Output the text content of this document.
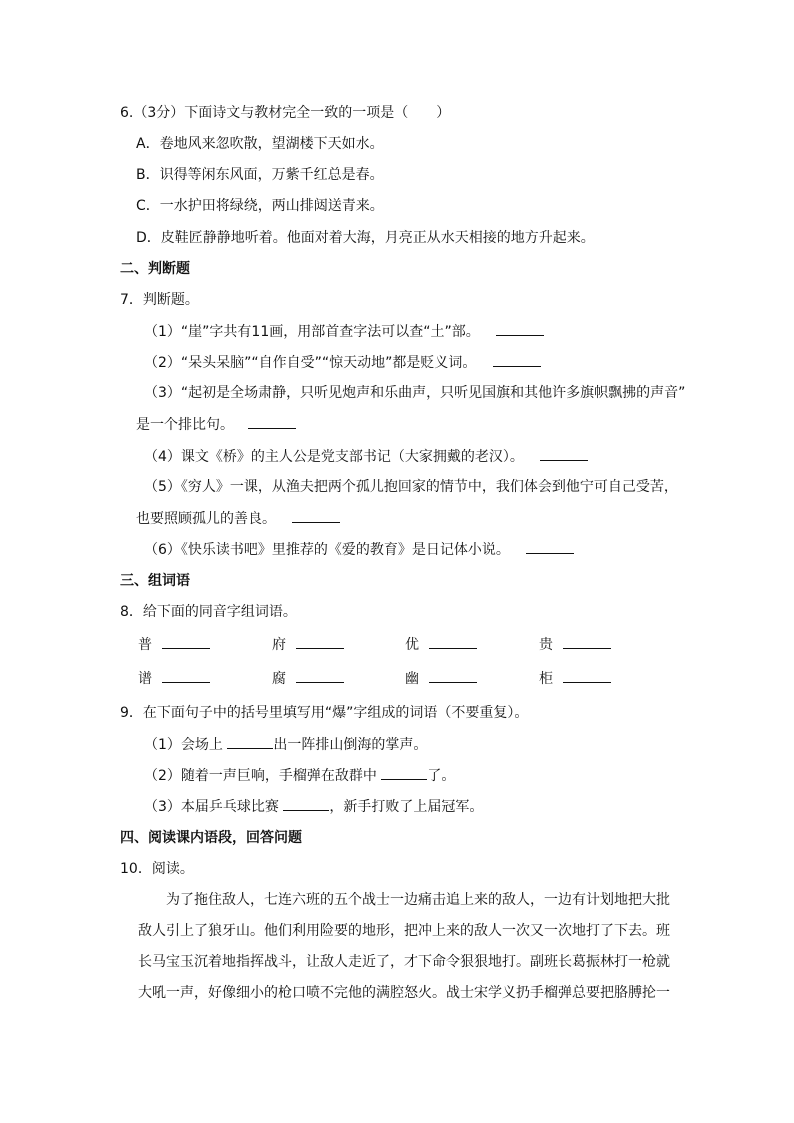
6.（3分）下面诗文与教材完全一致的一项是（　　）
A．卷地风来忽吹散，望湖楼下天如水。
B．识得等闲东风面，万紫千红总是春。
C．一水护田将绿绕，两山排闼送青来。
D．皮鞋匠静静地听着。他面对着大海，月亮正从水天相接的地方升起来。
二、判断题
7．判断题。
（1）“崖”字共有11画，用部首查字法可以查“土”部。
（2）“呆头呆脑”“自作自受”“惊天动地”都是贬义词。
（3）“起初是全场肃静，只听见炮声和乐曲声，只听见国旗和其他许多旗帜飘拂的声音”
是一个排比句。
（4）课文《桥》的主人公是党支部书记（大家拥戴的老汉）。
（5）《穷人》一课，从渔夫把两个孤儿抱回家的情节中，我们体会到他宁可自己受苦，
也要照顾孤儿的善良。
（6）《快乐读书吧》里推荐的《爱的教育》是日记体小说。
三、组词语
8．给下面的同音字组词语。
普	府	优	贵
谱	腐	幽	柜
9．在下面句子中的括号里填写用“爆”字组成的词语（不要重复）。
（1）会场上	出一阵排山倒海的掌声。
（2）随着一声巨响，手榴弹在敌群中	了。
（3）本届乒乓球比赛	，新手打败了上届冠军。
四、阅读课内语段，回答问题
10．阅读。
　　为了拖住敌人，七连六班的五个战士一边痛击追上来的敌人，一边有计划地把大批
敌人引上了狼牙山。他们利用险要的地形，把冲上来的敌人一次又一次地打了下去。班
长马宝玉沉着地指挥战斗，让敌人走近了，才下命令狠狠地打。副班长葛振林打一枪就
大吼一声，好像细小的枪口喷不完他的满腔怒火。战士宋学义扔手榴弹总要把胳膊抡一
